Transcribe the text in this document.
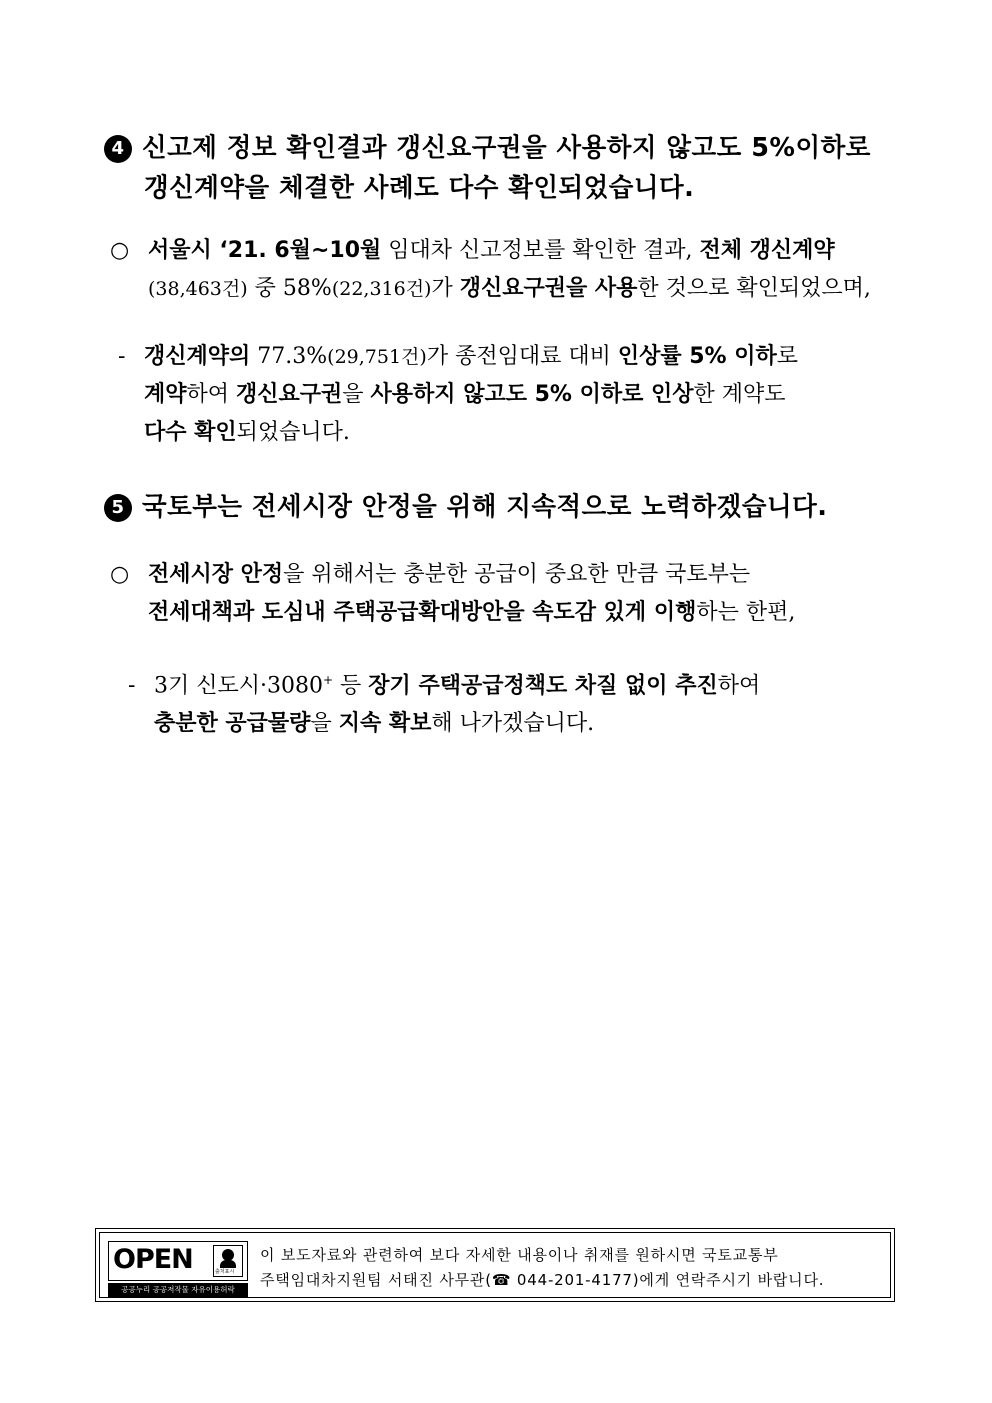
4 신고제 정보 확인결과 갱신요구권을 사용하지 않고도 5%이하로
갱신계약을 체결한 사례도 다수 확인되었습니다.
○ 서울시 ‘21. 6월~10월 임대차 신고정보를 확인한 결과, 전체 갱신계약
(38,463건) 중 58%(22,316건)가 갱신요구권을 사용한 것으로 확인되었으며,
- 갱신계약의 77.3%(29,751건)가 종전임대료 대비 인상률 5% 이하로
계약하여 갱신요구권을 사용하지 않고도 5% 이하로 인상한 계약도
다수 확인되었습니다.
5 국토부는 전세시장 안정을 위해 지속적으로 노력하겠습니다.
○ 전세시장 안정을 위해서는 충분한 공급이 중요한 만큼 국토부는
전세대책과 도심내 주택공급확대방안을 속도감 있게 이행하는 한편,
- 3기 신도시·3080+ 등 장기 주택공급정책도 차질 없이 추진하여
충분한 공급물량을 지속 확보해 나가겠습니다.
OPEN	출처표시
공공누리 공공저작물 자유이용허락
이 보도자료와 관련하여 보다 자세한 내용이나 취재를 원하시면 국토교통부
주택임대차지원팀 서태진 사무관(☎ 044-201-4177)에게 연락주시기 바랍니다.
